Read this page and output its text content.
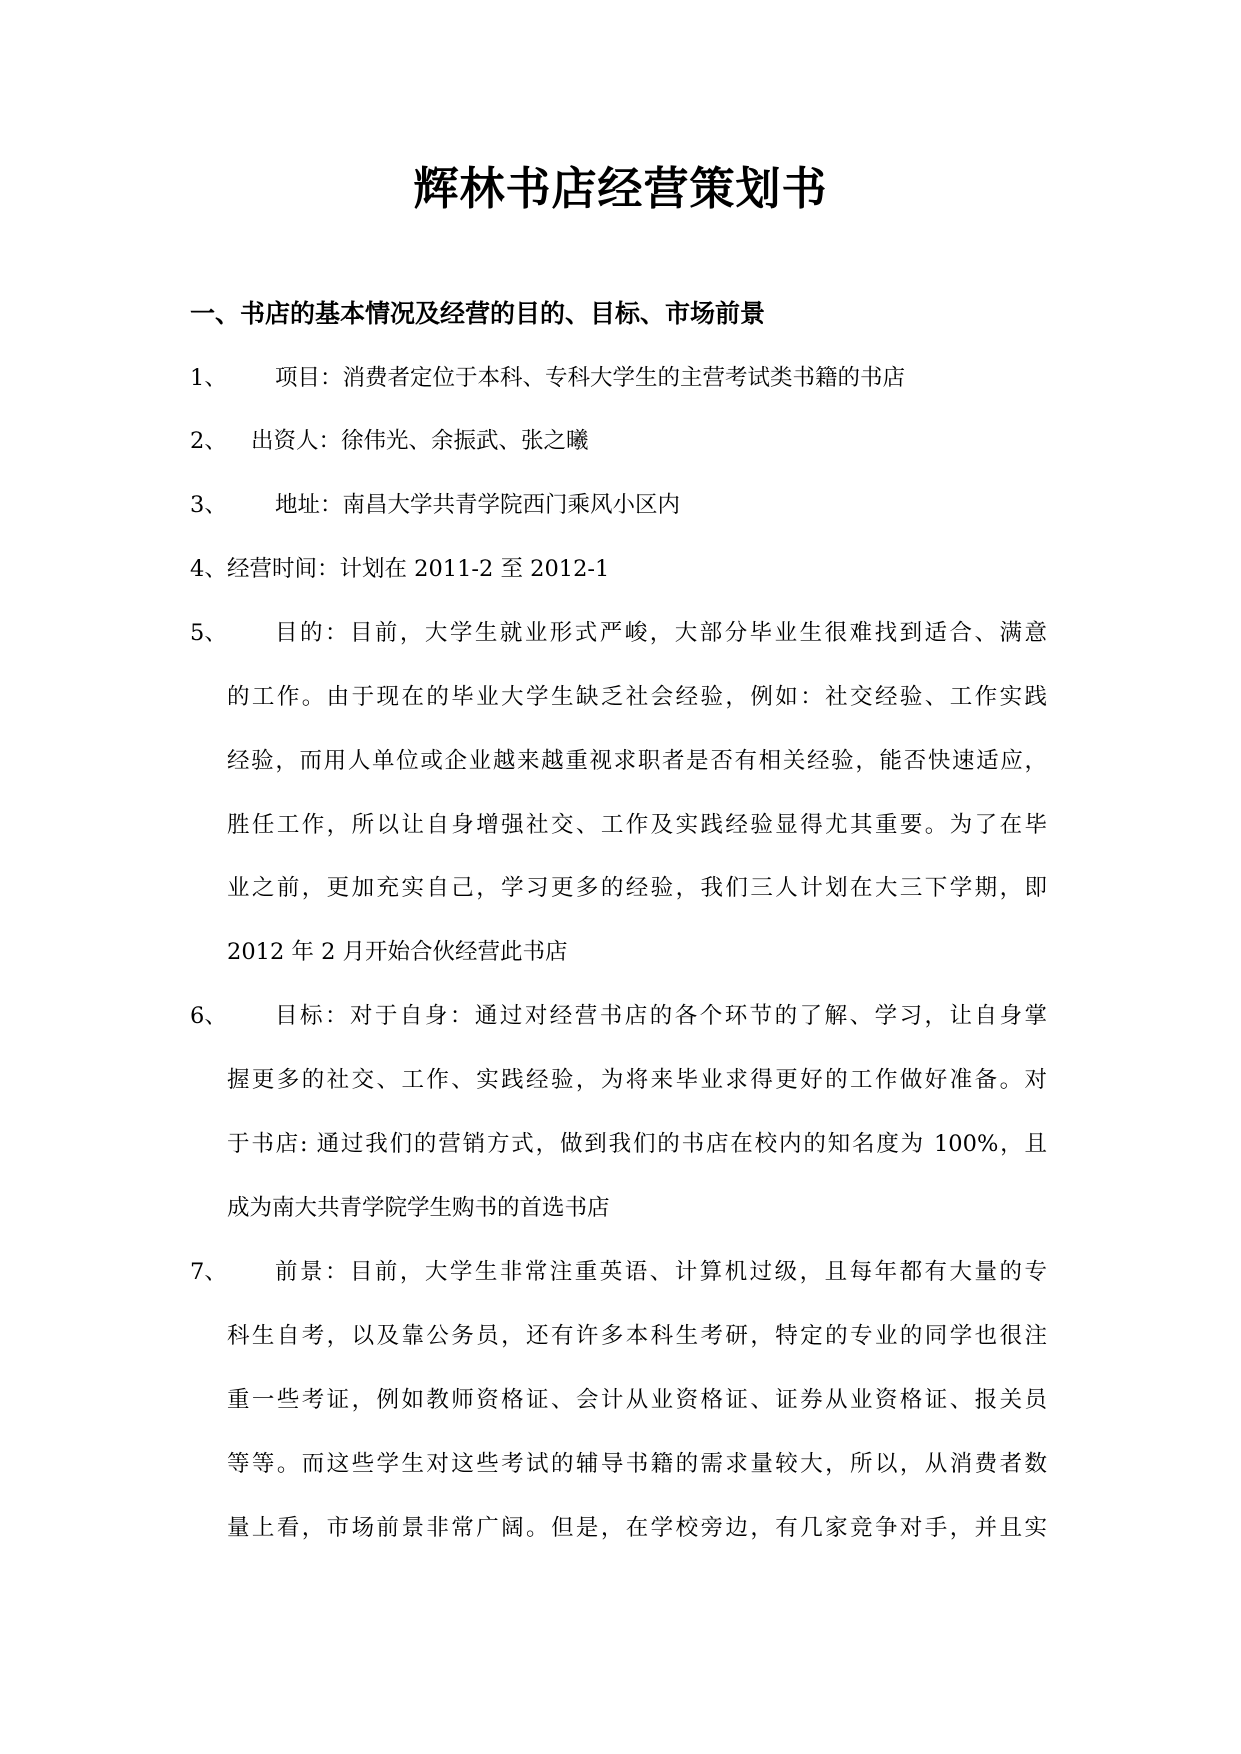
辉林书店经营策划书
一、书店的基本情况及经营的目的、目标、市场前景
1、 项目：消费者定位于本科、专科大学生的主营考试类书籍的书店
2、 出资人：徐伟光、余振武、张之曦
3、 地址：南昌大学共青学院西门乘风小区内
4、 经营时间：计划在 2011-2 至 2012-1
5、 目的：目前，大学生就业形式严峻，大部分毕业生很难找到适合、满意
的工作。由于现在的毕业大学生缺乏社会经验，例如：社交经验、工作实践
经验，而用人单位或企业越来越重视求职者是否有相关经验，能否快速适应，
胜任工作，所以让自身增强社交、工作及实践经验显得尤其重要。为了在毕
业之前，更加充实自己，学习更多的经验，我们三人计划在大三下学期，即
2012 年 2 月开始合伙经营此书店
6、 目标：对于自身：通过对经营书店的各个环节的了解、学习，让自身掌
握更多的社交、工作、实践经验，为将来毕业求得更好的工作做好准备。对
于书店: 通过我们的营销方式，做到我们的书店在校内的知名度为 100%，且
成为南大共青学院学生购书的首选书店
7、 前景：目前，大学生非常注重英语、计算机过级，且每年都有大量的专
科生自考，以及靠公务员，还有许多本科生考研，特定的专业的同学也很注
重一些考证，例如教师资格证、会计从业资格证、证券从业资格证、报关员
等等。而这些学生对这些考试的辅导书籍的需求量较大，所以，从消费者数
量上看，市场前景非常广阔。但是，在学校旁边，有几家竞争对手，并且实
